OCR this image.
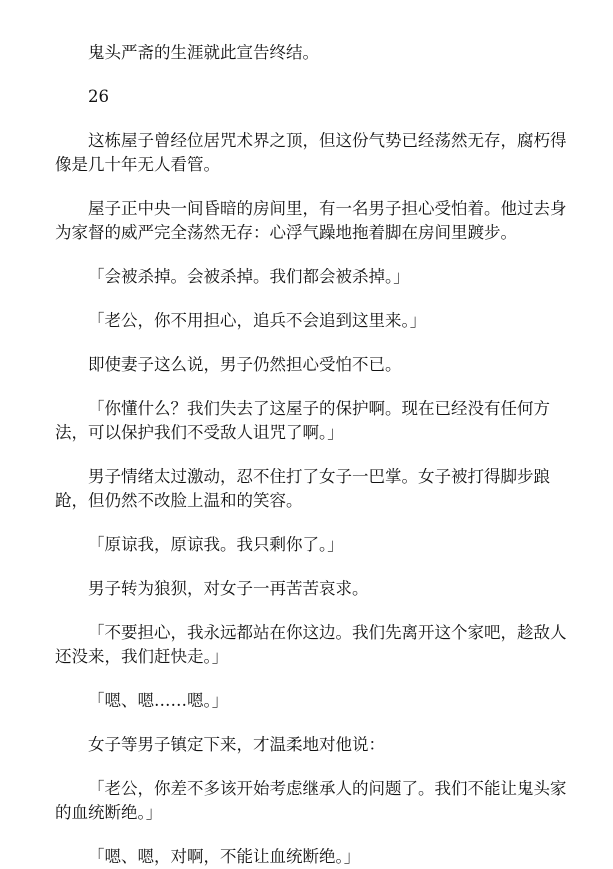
鬼头严斋的生涯就此宣告终结。

26

这栋屋子曾经位居咒术界之顶，但这份气势已经荡然无存，腐朽得像是几十年无人看管。

屋子正中央一间昏暗的房间里，有一名男子担心受怕着。他过去身为家督的威严完全荡然无存：心浮气躁地拖着脚在房间里踱步。

「会被杀掉。会被杀掉。我们都会被杀掉。」

「老公，你不用担心，追兵不会追到这里来。」

即使妻子这么说，男子仍然担心受怕不已。

「你懂什么？我们失去了这屋子的保护啊。现在已经没有任何方法，可以保护我们不受敌人诅咒了啊。」

男子情绪太过激动，忍不住打了女子一巴掌。女子被打得脚步踉跄，但仍然不改脸上温和的笑容。

「原谅我，原谅我。我只剩你了。」

男子转为狼狈，对女子一再苦苦哀求。

「不要担心，我永远都站在你这边。我们先离开这个家吧，趁敌人还没来，我们赶快走。」

「嗯、嗯……嗯。」

女子等男子镇定下来，才温柔地对他说：

「老公，你差不多该开始考虑继承人的问题了。我们不能让鬼头家的血统断绝。」

「嗯、嗯，对啊，不能让血统断绝。」
